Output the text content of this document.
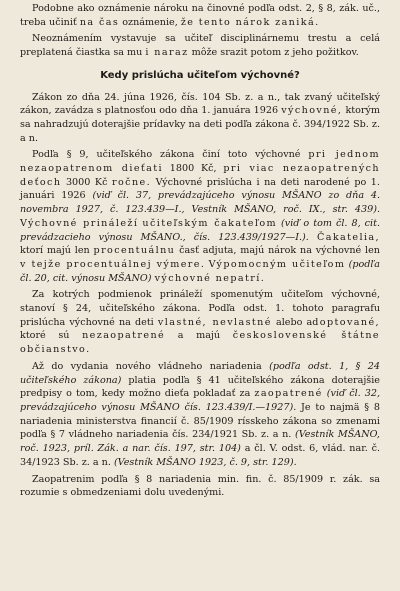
Podobne ako oznámenie nároku na činovné podľa odst. 2, § 8, zák. uč., treba učiniť na čas oznámenie, že tento nárok zaniká.

Neoznámením vystavuje sa učiteľ disciplinárnemu trestu a celá preplatená čiastka sa mu i naraz môže srazit potom z jeho požitkov.

Kedy prislúcha učiteľom výchovné?

Zákon zo dňa 24. júna 1926, čís. 104 Sb. z. a n., tak zvaný učiteľský zákon, zavádza s platnosťou odo dňa 1. januára 1926 výchovné, ktorým sa nahradzujú doterajšie prídavky na deti podľa zákona č. 394/1922 Sb. z. a n.

Podľa § 9, učiteľského zákona činí toto výchovné pri jednom nezaopatrenom dieťati 1800 Kč, pri viac nezaopatrených deťoch 3000 Kč ročne. Výchovné prislúcha i na deti narodené po 1. januári 1926 (viď čl. 37, prevádzajúceho výnosu MŠANO zo dňa 4. novembra 1927, č. 123.439—I., Vestník MŠANO, roč. IX., str. 439). Výchovné prináleží učiteľským čakateľom (viď o tom čl. 8, cit. prevádzacieho výnosu MŠANO., čís. 123.439/1927—I.). Čakatelia, ktorí majú len procentuálnu časť adjuta, majú nárok na výchovné len v tejže procentuálnej výmere. Výpomocným učiteľom (podľa čl. 20, cit. výnosu MŠANO) výchovné nepatrí.

Za kotrých podmienok prináleží spomenutým učiteľom výchovné, stanoví § 24, učiteľského zákona. Podľa odst. 1. tohoto paragrafu prislúcha výchovné na deti vlastné, nevlastné alebo adoptované, ktoré sú nezaopatrené a majú československé štátne občianstvo.

Až do vydania nového vládneho nariadenia (podľa odst. 1, § 24 učiteľského zákona) platia podľa § 41 učiteľského zákona doterajšie predpisy o tom, kedy možno dieťa pokladať za zaopatrené (viď čl. 32, prevádzajúceho výnosu MŠANO čís. 123.439/I.—1927). Je to najmä § 8 nariadenia ministerstva financií č. 85/1909 rísskeho zákona so zmenami podľa § 7 vládneho nariadenia čís. 234/1921 Sb. z. a n. (Vestník MŠANO, roč. 1923, príl. Zák. a nar. čís. 197, str. 104) a čl. V. odst. 6, vlád. nar. č. 34/1923 Sb. z. a n. (Vestník MŠANO 1923, č. 9, str. 129).

Zaopatrenim podľa § 8 nariadenia min. fin. č. 85/1909 r. zák. sa rozumie s obmedzeniami dolu uvedenými.
